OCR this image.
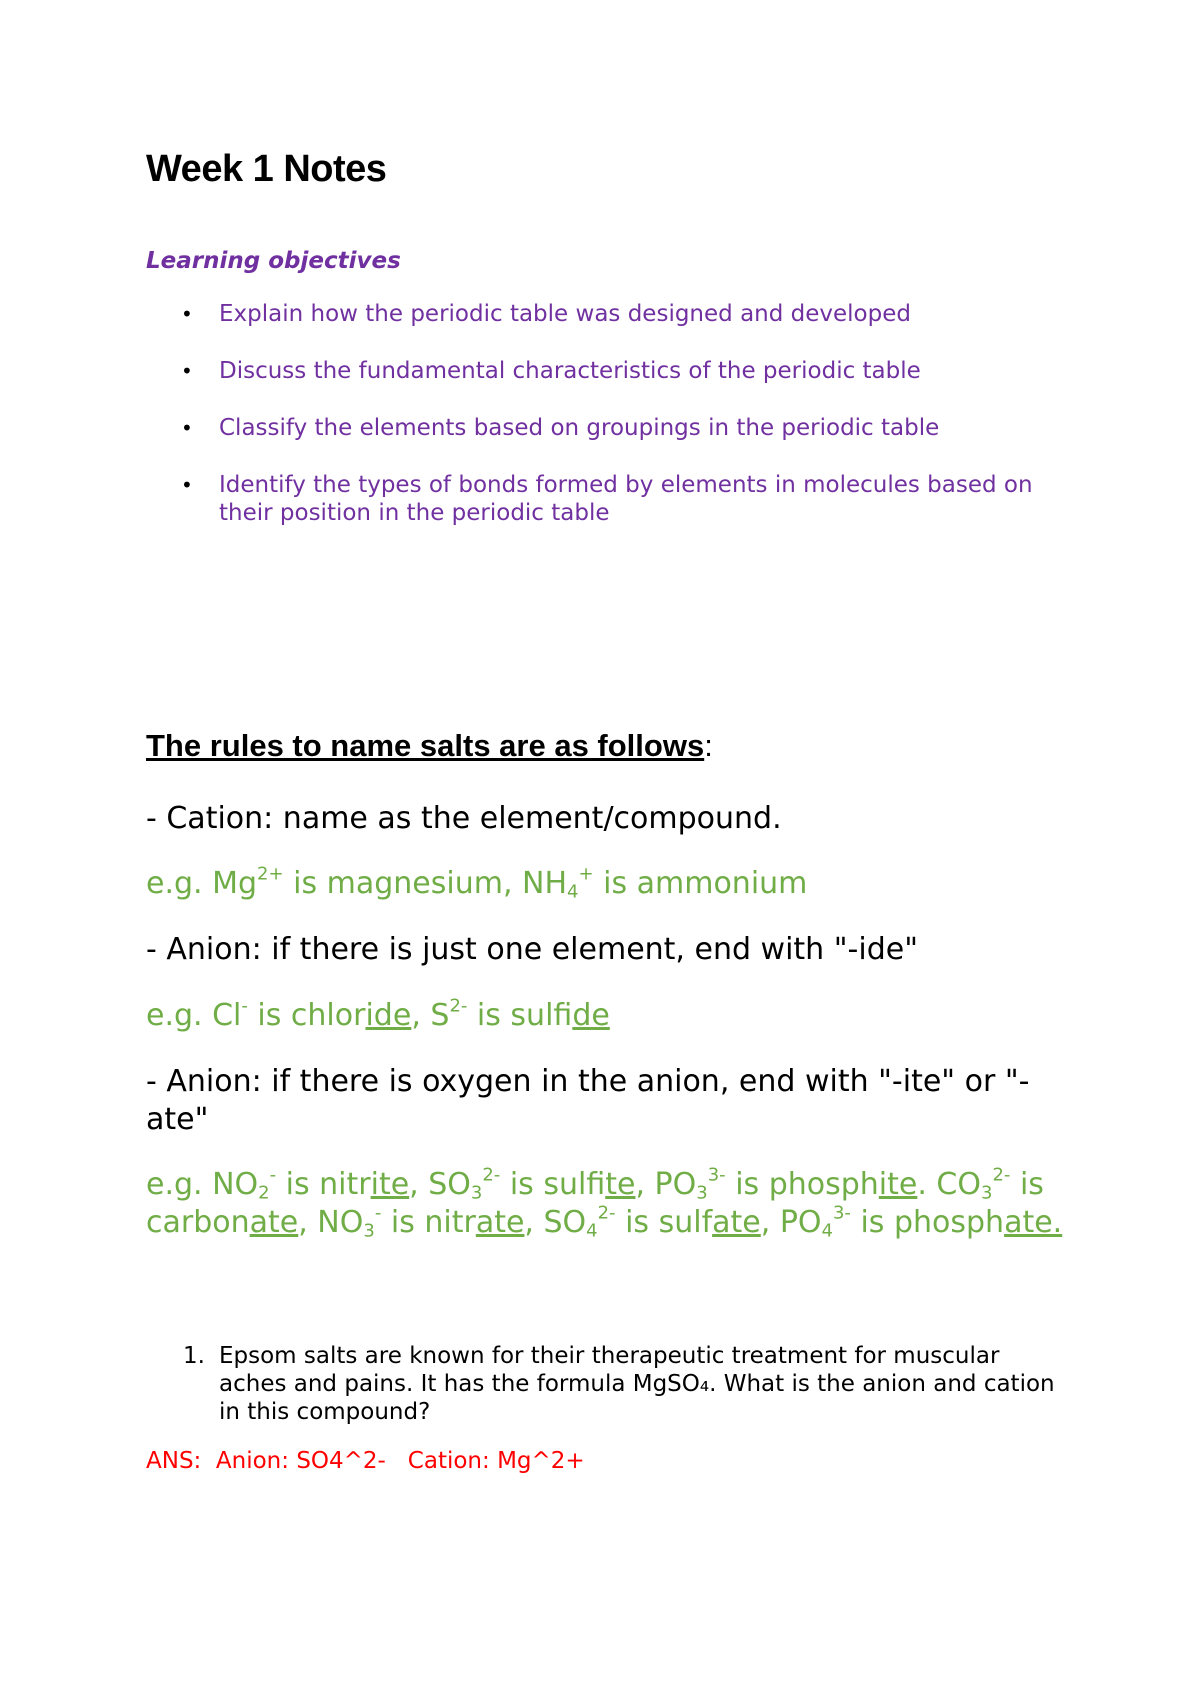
Week 1 Notes
Learning objectives
• Explain how the periodic table was designed and developed
• Discuss the fundamental characteristics of the periodic table
• Classify the elements based on groupings in the periodic table
• Identify the types of bonds formed by elements in molecules based on their position in the periodic table
The rules to name salts are as follows:

- Cation: name as the element/compound.

e.g. $Mg^{2+}$ is magnesium, $NH_4^+$ is ammonium

- Anion: if there is just one element, end with "-ide"

e.g. Cl- is chloride, $S^{2-}$ is sulfide

- Anion: if there is oxygen in the anion, end with "-ite" or "-ate"

e.g. $NO_2^-$ is nitrite, $SO_3^{2-}$ is sulfite, $PO_3^{3-}$ is phosphite. $CO_3^{2-}$ is carbonate, $NO_3^-$ is nitrate, $SO_4^{2-}$ is sulfate, $PO_4^{3-}$ is phosphate.

1. Epsom salts are known for their therapeutic treatment for muscular aches and pains. It has the formula MgSO₄. What is the anion and cation in this compound?

ANS:  Anion: SO4^2-   Cation: Mg^2+
